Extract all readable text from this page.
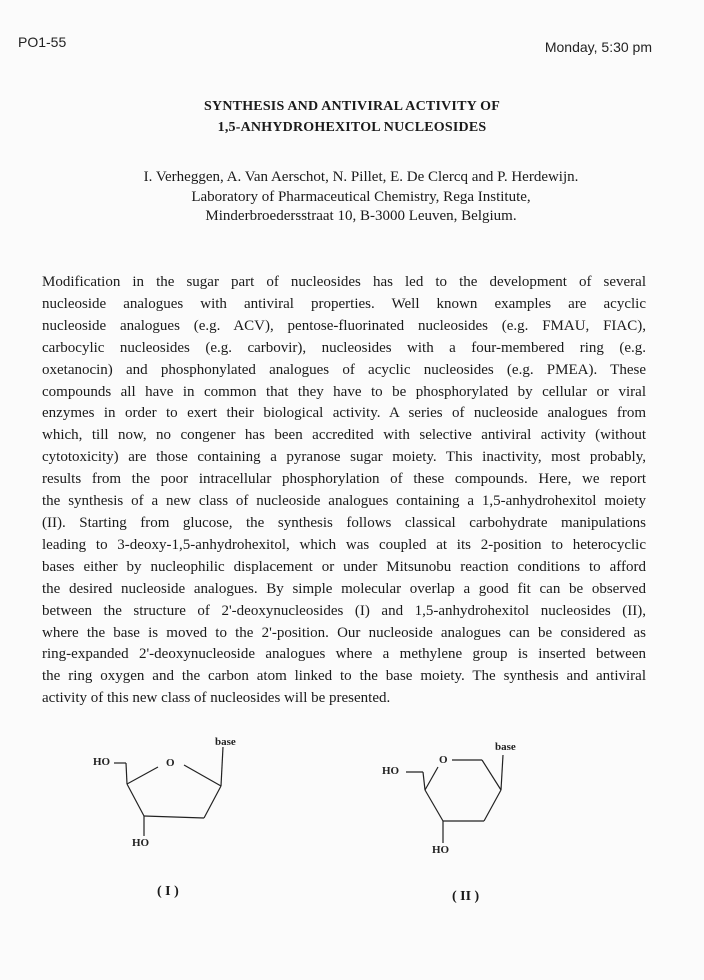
PO1-55	Monday, 5:30 pm
SYNTHESIS AND ANTIVIRAL ACTIVITY OF
1,5-ANHYDROHEXITOL NUCLEOSIDES
I. Verheggen, A. Van Aerschot, N. Pillet, E. De Clercq and P. Herdewijn.
Laboratory of Pharmaceutical Chemistry, Rega Institute,
Minderbroedersstraat 10, B-3000 Leuven, Belgium.
Modification in the sugar part of nucleosides has led to the development of several
nucleoside analogues with antiviral properties. Well known examples are acyclic
nucleoside analogues (e.g. ACV), pentose-fluorinated nucleosides (e.g. FMAU, FIAC),
carbocylic nucleosides (e.g. carbovir), nucleosides with a four-membered ring (e.g.
oxetanocin) and phosphonylated analogues of acyclic nucleosides (e.g. PMEA). These
compounds all have in common that they have to be phosphorylated by cellular or viral
enzymes in order to exert their biological activity. A series of nucleoside analogues from
which, till now, no congener has been accredited with selective antiviral activity (without
cytotoxicity) are those containing a pyranose sugar moiety. This inactivity, most probably,
results from the poor intracellular phosphorylation of these compounds. Here, we report
the synthesis of a new class of nucleoside analogues containing a 1,5-anhydrohexitol moiety
(II). Starting from glucose, the synthesis follows classical carbohydrate manipulations
leading to 3-deoxy-1,5-anhydrohexitol, which was coupled at its 2-position to heterocyclic
bases either by nucleophilic displacement or under Mitsunobu reaction conditions to afford
the desired nucleoside analogues. By simple molecular overlap a good fit can be observed
between the structure of 2'-deoxynucleosides (I) and 1,5-anhydrohexitol nucleosides (II),
where the base is moved to the 2'-position. Our nucleoside analogues can be considered as
ring-expanded 2'-deoxynucleoside analogues where a methylene group is inserted between
the ring oxygen and the carbon atom linked to the base moiety. The synthesis and antiviral
activity of this new class of nucleosides will be presented.
HO	O
base
HO
( I )
HO
O
base
HO
( II )
